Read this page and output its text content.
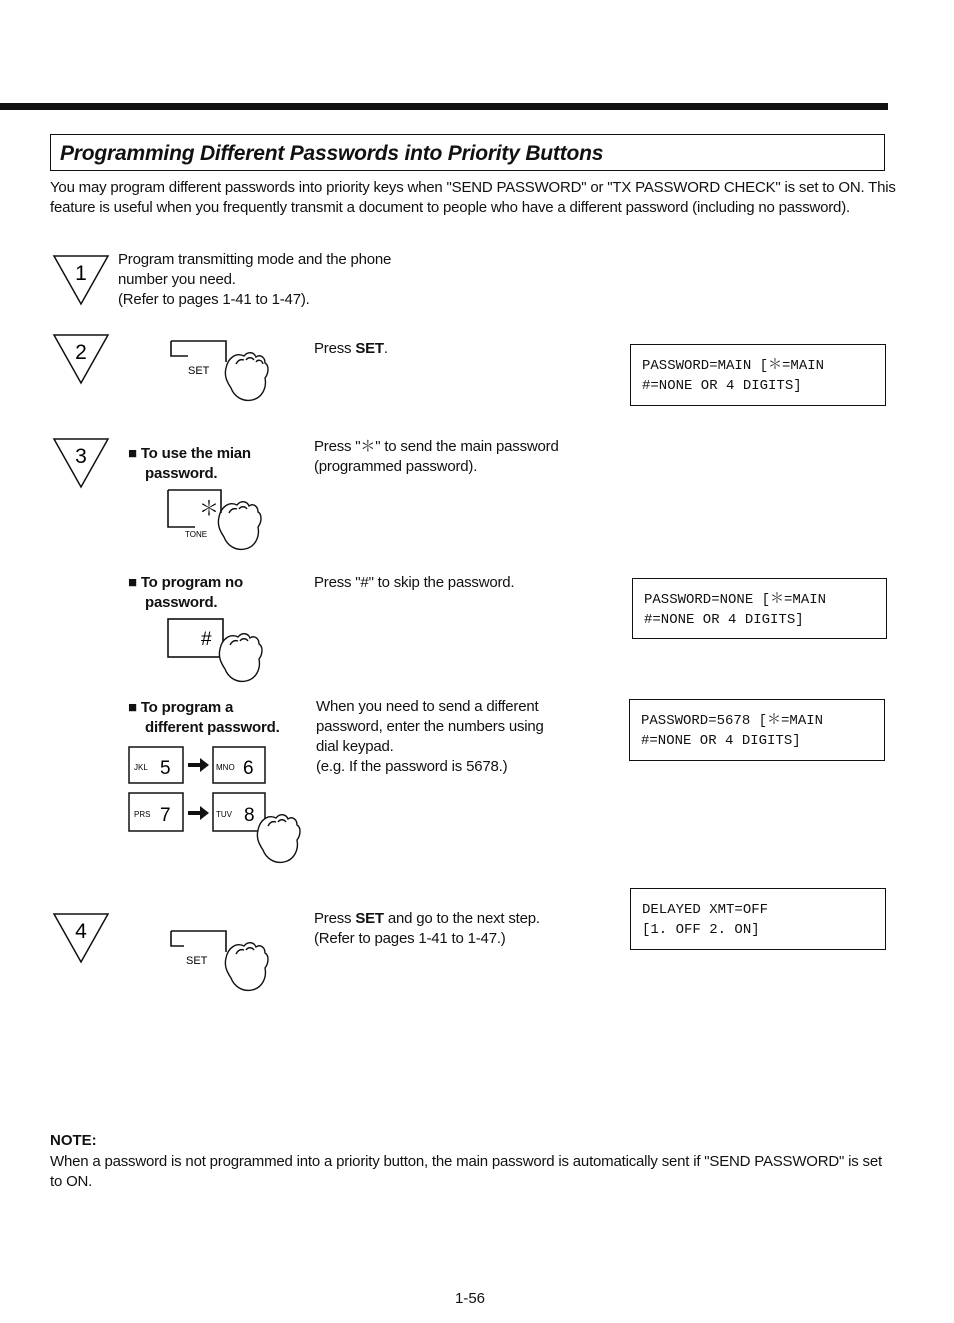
Programming Different Passwords into Priority Buttons
You may program different passwords into priority keys when "SEND PASSWORD" or "TX PASSWORD CHECK" is set to ON. This feature is useful when you frequently transmit a document to people who have a different password (including no password).
1
Program transmitting mode and the phone
number you need.
(Refer to pages 1-41 to 1-47).
2
SET
Press SET.
PASSWORD=MAIN [＊=MAIN
#=NONE OR 4 DIGITS]
3	■ To use the mian
password.
＊
TONE
Press "＊" to send the main password
(programmed password).
■ To program no
password.
#
Press "#" to skip the password.
PASSWORD=NONE [＊=MAIN
#=NONE OR 4 DIGITS]
■ To program a
different password.
JKL 5	MNO 6
PRS 7	TUV 8
When you need to send a different
password, enter the numbers using
dial keypad.
(e.g. If the password is 5678.)
PASSWORD=5678 [＊=MAIN
#=NONE OR 4 DIGITS]
4
SET
Press SET and go to the next step.
(Refer to pages 1-41 to 1-47.)
DELAYED XMT=OFF
[1. OFF 2. ON]
NOTE:
When a password is not programmed into a priority button, the main password is automatically sent if "SEND PASSWORD" is set to ON.
1-56
